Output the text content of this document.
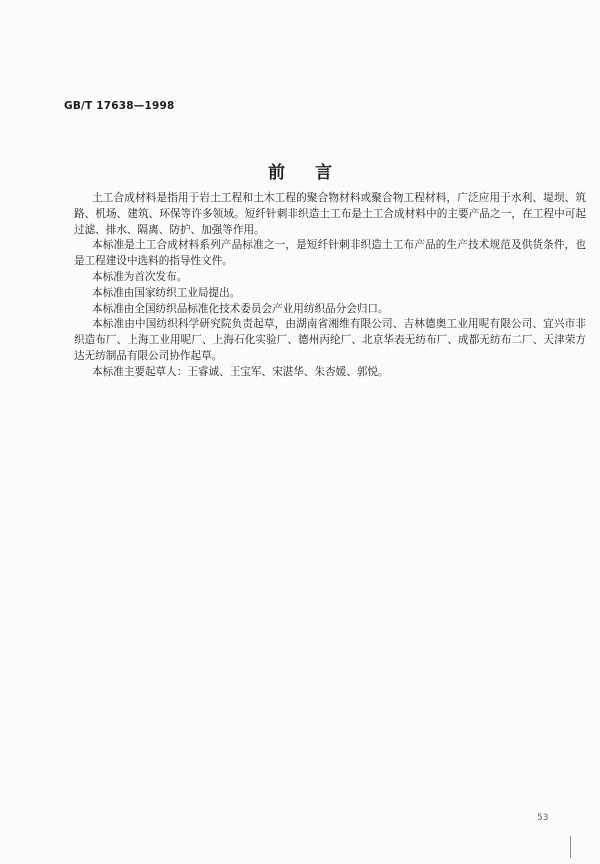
GB/T 17638—1998
前言

土工合成材料是指用于岩土工程和土木工程的聚合物材料或聚合物工程材料，广泛应用于水利、堤坝、筑路、机场、建筑、环保等许多领域。短纤针刺非织造土工布是土工合成材料中的主要产品之一，在工程中可起过滤、排水、隔离、防护、加强等作用。

本标准是土工合成材料系列产品标准之一，是短纤针刺非织造土工布产品的生产技术规范及供货条件，也是工程建设中选料的指导性文件。

本标准为首次发布。

本标准由国家纺织工业局提出。

本标准由全国纺织品标准化技术委员会产业用纺织品分会归口。

本标准由中国纺织科学研究院负责起草，由湖南省湘维有限公司、吉林德奥工业用呢有限公司、宜兴市非织造布厂、上海工业用呢厂、上海石化实验厂、德州丙纶厂、北京华表无纺布厂、成都无纺布二厂、天津荣方达无纺制品有限公司协作起草。

本标准主要起草人：王睿诚、王宝军、宋湛华、朱杏媛、郭悦。

53
